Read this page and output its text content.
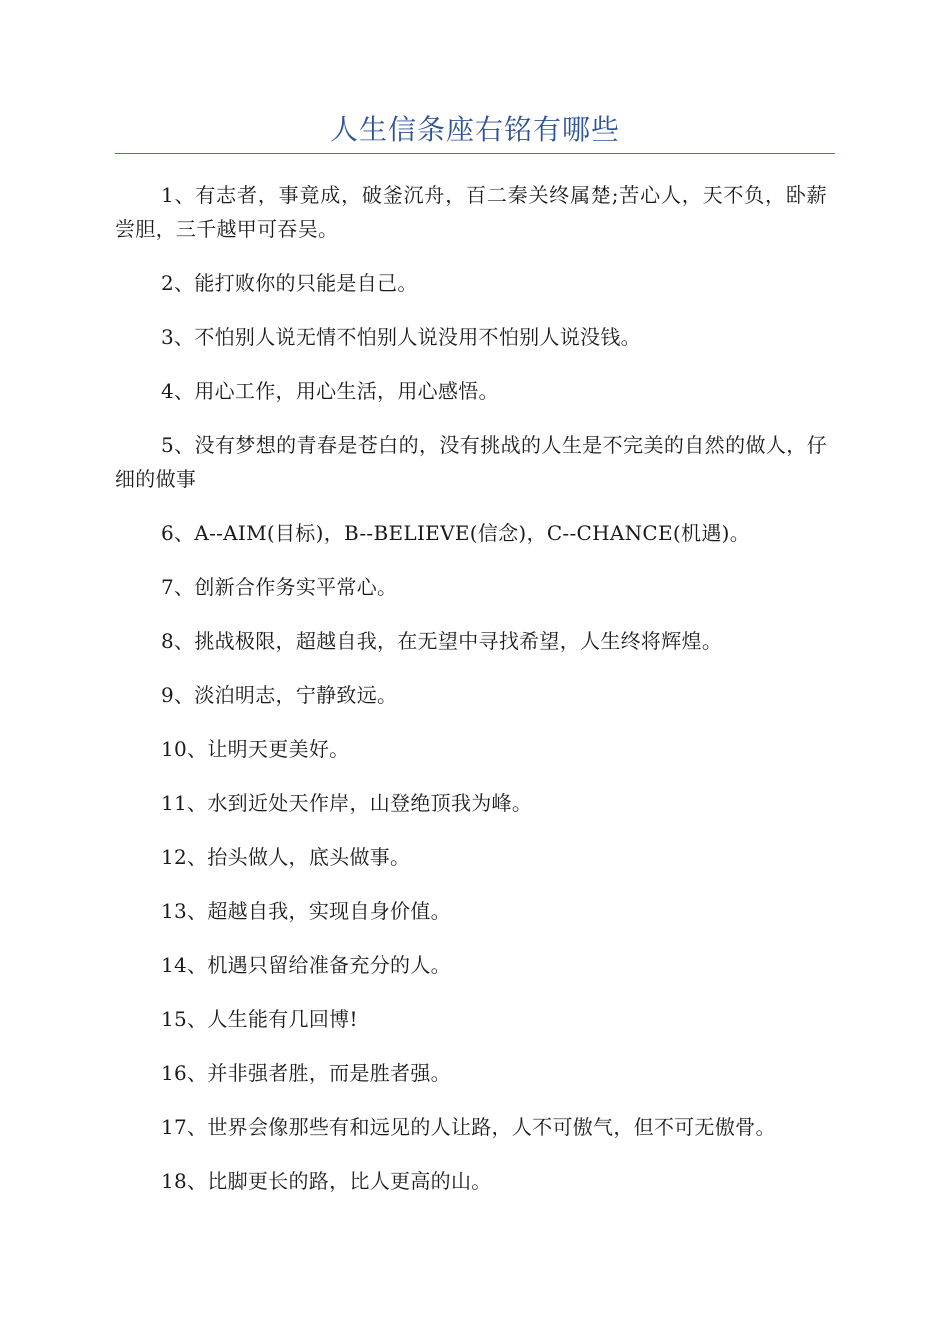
人生信条座右铭有哪些

1、有志者，事竟成，破釜沉舟，百二秦关终属楚;苦心人，天不负，卧薪尝胆，三千越甲可吞吴。

2、能打败你的只能是自己。

3、不怕别人说无情不怕别人说没用不怕别人说没钱。

4、用心工作，用心生活，用心感悟。

5、没有梦想的青春是苍白的，没有挑战的人生是不完美的自然的做人，仔细的做事

6、A--AIM(目标)，B--BELIEVE(信念)，C--CHANCE(机遇)。

7、创新合作务实平常心。

8、挑战极限，超越自我，在无望中寻找希望，人生终将辉煌。

9、淡泊明志，宁静致远。

10、让明天更美好。

11、水到近处天作岸，山登绝顶我为峰。

12、抬头做人，底头做事。

13、超越自我，实现自身价值。

14、机遇只留给准备充分的人。

15、人生能有几回博!

16、并非强者胜，而是胜者强。

17、世界会像那些有和远见的人让路，人不可傲气，但不可无傲骨。

18、比脚更长的路，比人更高的山。
